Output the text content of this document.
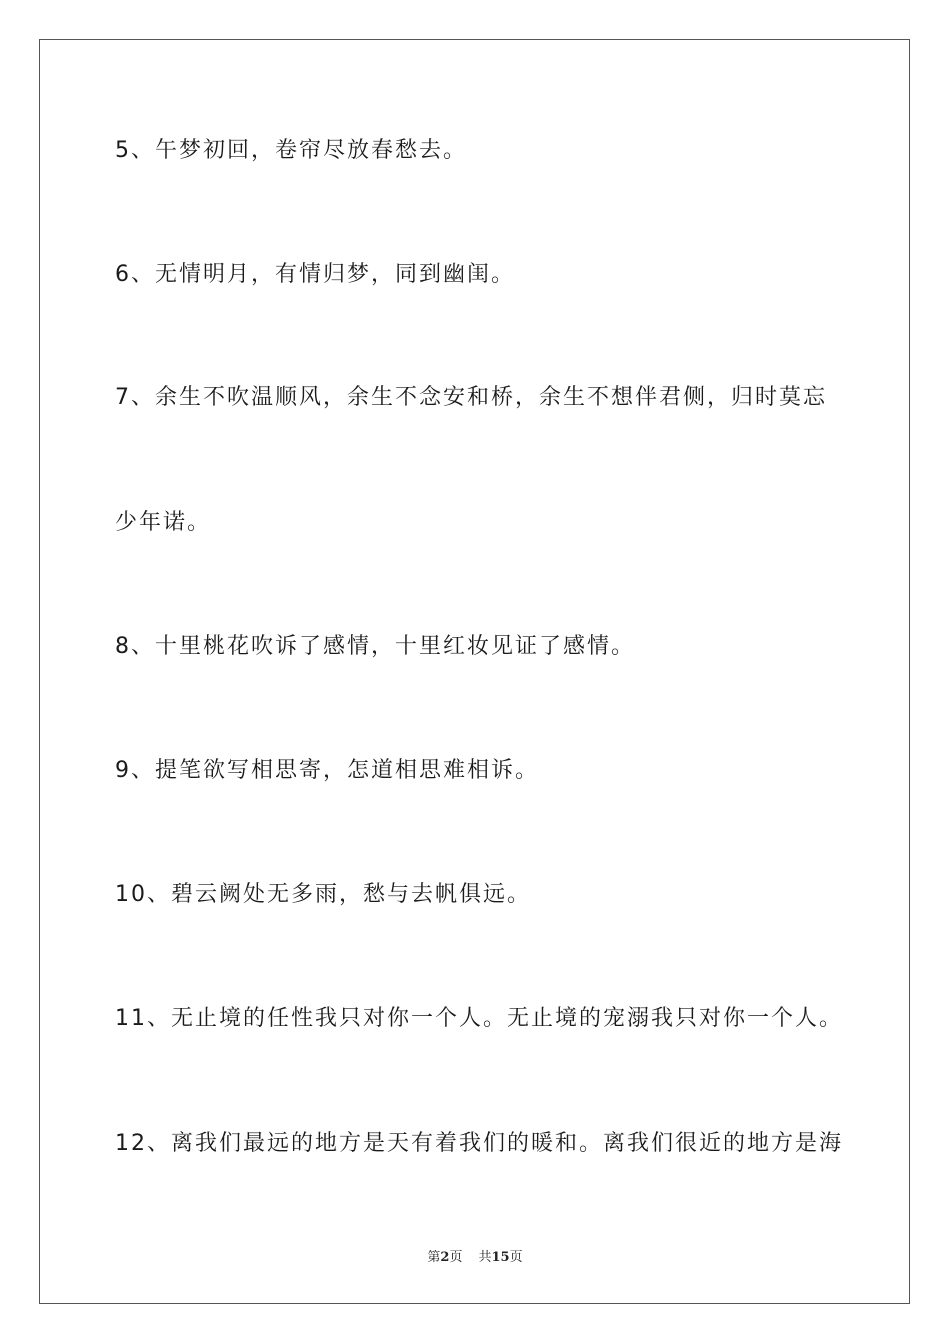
5、午梦初回，卷帘尽放春愁去。
6、无情明月，有情归梦，同到幽闺。
7、余生不吹温顺风，余生不念安和桥，余生不想伴君侧，归时莫忘
少年诺。
8、十里桃花吹诉了感情，十里红妆见证了感情。
9、提笔欲写相思寄，怎道相思难相诉。
10、碧云阙处无多雨，愁与去帆俱远。
11、无止境的任性我只对你一个人。无止境的宠溺我只对你一个人。
12、离我们最远的地方是天有着我们的暖和。离我们很近的地方是海
第2页 共15页
